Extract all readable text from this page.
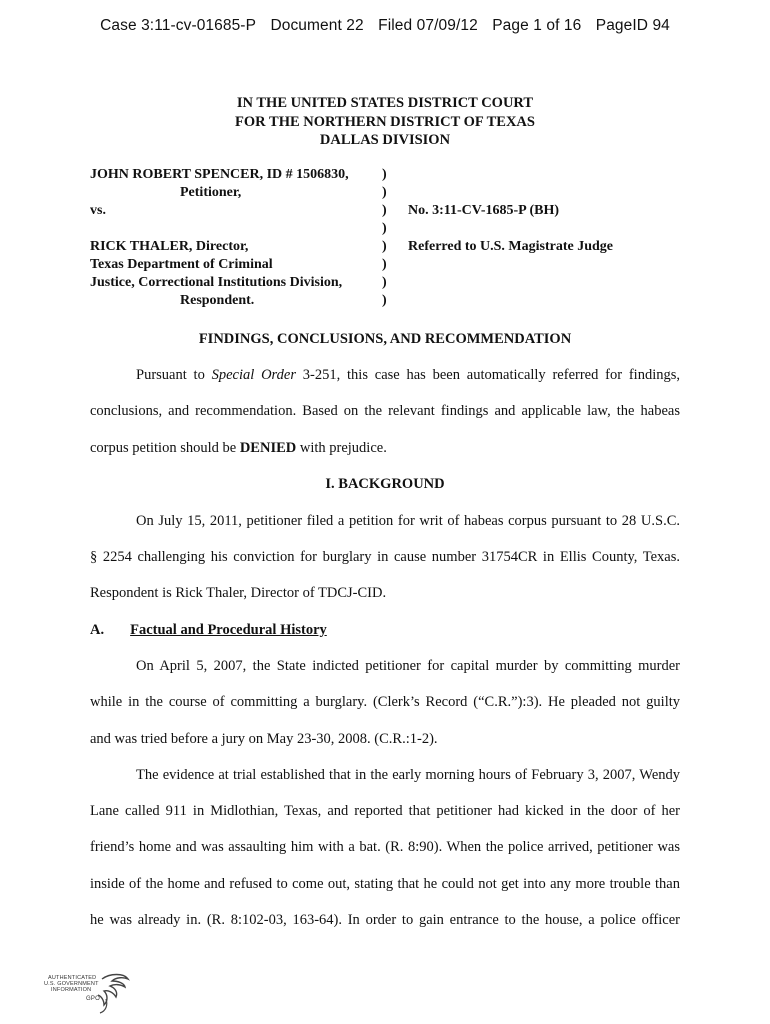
Case 3:11-cv-01685-P Document 22 Filed 07/09/12 Page 1 of 16 PageID 94
IN THE UNITED STATES DISTRICT COURT
FOR THE NORTHERN DISTRICT OF TEXAS
DALLAS DIVISION
JOHN ROBERT SPENCER, ID # 1506830,
Petitioner,
vs.
RICK THALER, Director,
Texas Department of Criminal
Justice, Correctional Institutions Division,
Respondent.
)
)
)
)
)
)
)
)
No. 3:11-CV-1685-P (BH)
Referred to U.S. Magistrate Judge
FINDINGS, CONCLUSIONS, AND RECOMMENDATION
Pursuant to Special Order 3-251, this case has been automatically referred for findings,
conclusions, and recommendation. Based on the relevant findings and applicable law, the habeas
corpus petition should be DENIED with prejudice.
I. BACKGROUND
On July 15, 2011, petitioner filed a petition for writ of habeas corpus pursuant to 28 U.S.C.
§ 2254 challenging his conviction for burglary in cause number 31754CR in Ellis County, Texas.
Respondent is Rick Thaler, Director of TDCJ-CID.
A. Factual and Procedural History
On April 5, 2007, the State indicted petitioner for capital murder by committing murder
while in the course of committing a burglary. (Clerk’s Record (“C.R.”):3). He pleaded not guilty
and was tried before a jury on May 23-30, 2008. (C.R.:1-2).
The evidence at trial established that in the early morning hours of February 3, 2007, Wendy
Lane called 911 in Midlothian, Texas, and reported that petitioner had kicked in the door of her
friend’s home and was assaulting him with a bat. (R. 8:90). When the police arrived, petitioner was
inside of the home and refused to come out, stating that he could not get into any more trouble than
he was already in. (R. 8:102-03, 163-64). In order to gain entrance to the house, a police officer
AUTHENTICATED
U.S. GOVERNMENT
INFORMATION
GPO
